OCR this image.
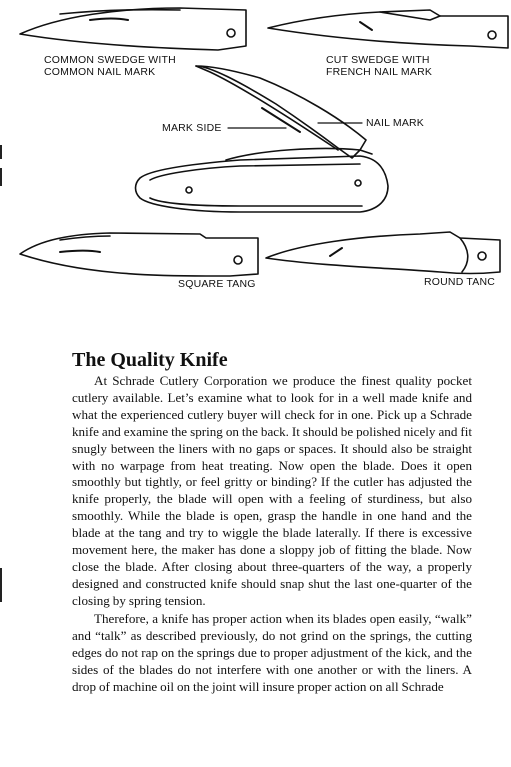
COMMON SWEDGE WITH
COMMON NAIL MARK
CUT SWEDGE WITH
FRENCH NAIL MARK
MARK SIDE	NAIL MARK
SQUARE TANG	ROUND TANC
The Quality Knife

At Schrade Cutlery Corporation we produce the finest quality pocket cutlery available. Let’s examine what to look for in a well made knife and what the experienced cutlery buyer will check for in one. Pick up a Schrade knife and examine the spring on the back. It should be polished nicely and fit snugly between the liners with no gaps or spaces. It should also be straight with no warpage from heat treating. Now open the blade. Does it open smoothly but tightly, or feel gritty or binding? If the cutler has adjusted the knife properly, the blade will open with a feeling of sturdiness, but also smoothly. While the blade is open, grasp the handle in one hand and the blade at the tang and try to wiggle the blade laterally. If there is excessive movement here, the maker has done a sloppy job of fitting the blade. Now close the blade. After closing about three-quarters of the way, a properly designed and constructed knife should snap shut the last one-quarter of the closing by spring tension.

Therefore, a knife has proper action when its blades open easily, “walk” and “talk” as described previously, do not grind on the springs, the cutting edges do not rap on the springs due to proper adjustment of the kick, and the sides of the blades do not interfere with one another or with the liners. A drop of machine oil on the joint will insure proper action on all Schrade
